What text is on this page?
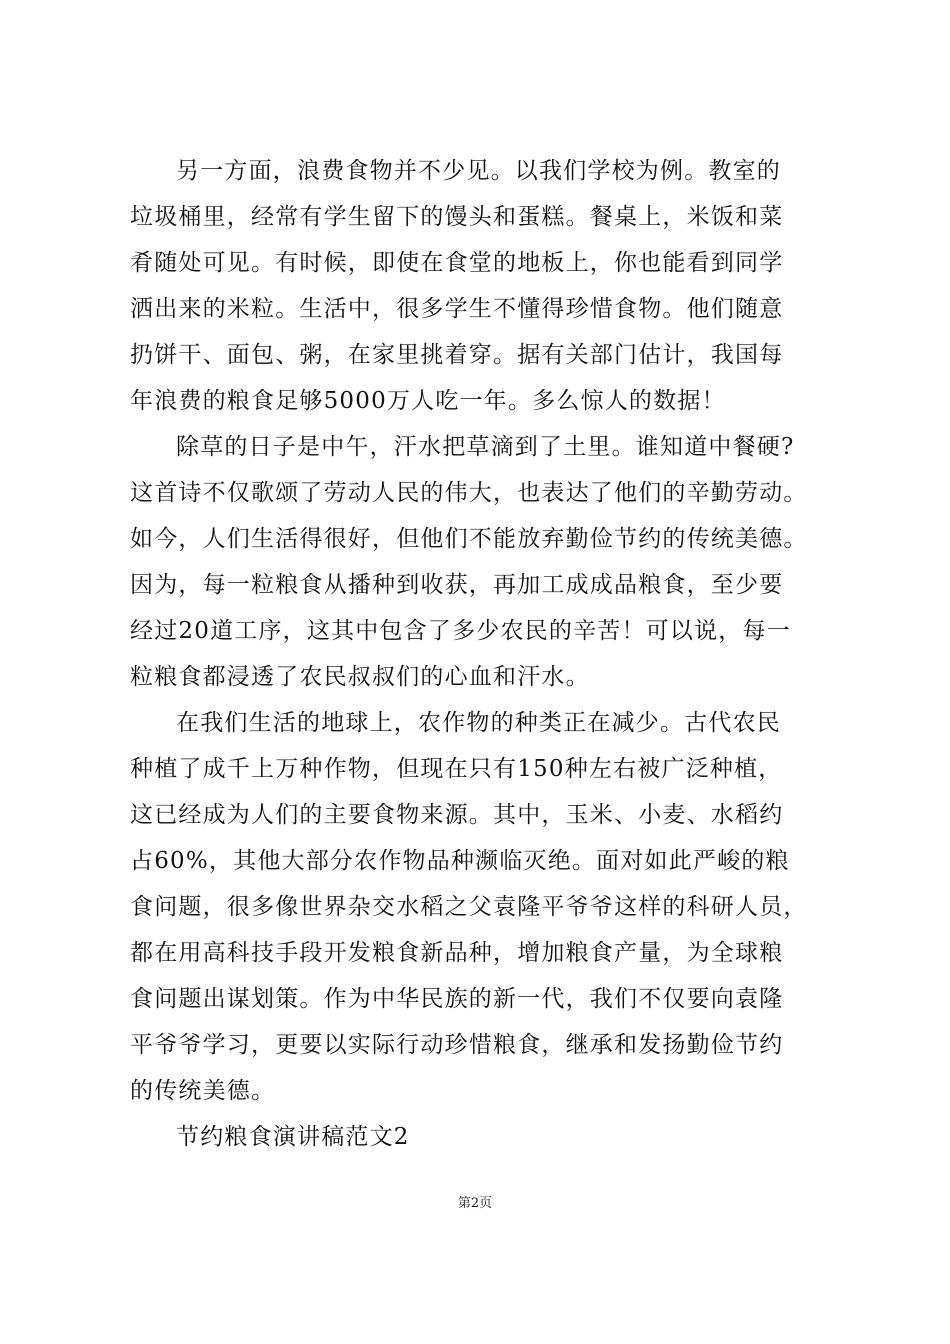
另一方面，浪费食物并不少见。以我们学校为例。教室的
垃圾桶里，经常有学生留下的馒头和蛋糕。餐桌上，米饭和菜
肴随处可见。有时候，即使在食堂的地板上，你也能看到同学
洒出来的米粒。生活中，很多学生不懂得珍惜食物。他们随意
扔饼干、面包、粥，在家里挑着穿。据有关部门估计，我国每
年浪费的粮食足够5000万人吃一年。多么惊人的数据！
除草的日子是中午，汗水把草滴到了土里。谁知道中餐硬?
这首诗不仅歌颂了劳动人民的伟大，也表达了他们的辛勤劳动。
如今，人们生活得很好，但他们不能放弃勤俭节约的传统美德。
因为，每一粒粮食从播种到收获，再加工成成品粮食，至少要
经过20道工序，这其中包含了多少农民的辛苦！可以说，每一
粒粮食都浸透了农民叔叔们的心血和汗水。
在我们生活的地球上，农作物的种类正在减少。古代农民
种植了成千上万种作物，但现在只有150种左右被广泛种植，
这已经成为人们的主要食物来源。其中，玉米、小麦、水稻约
占60%，其他大部分农作物品种濒临灭绝。面对如此严峻的粮
食问题，很多像世界杂交水稻之父袁隆平爷爷这样的科研人员，
都在用高科技手段开发粮食新品种，增加粮食产量，为全球粮
食问题出谋划策。作为中华民族的新一代，我们不仅要向袁隆
平爷爷学习，更要以实际行动珍惜粮食，继承和发扬勤俭节约
的传统美德。
节约粮食演讲稿范文2
第2页
